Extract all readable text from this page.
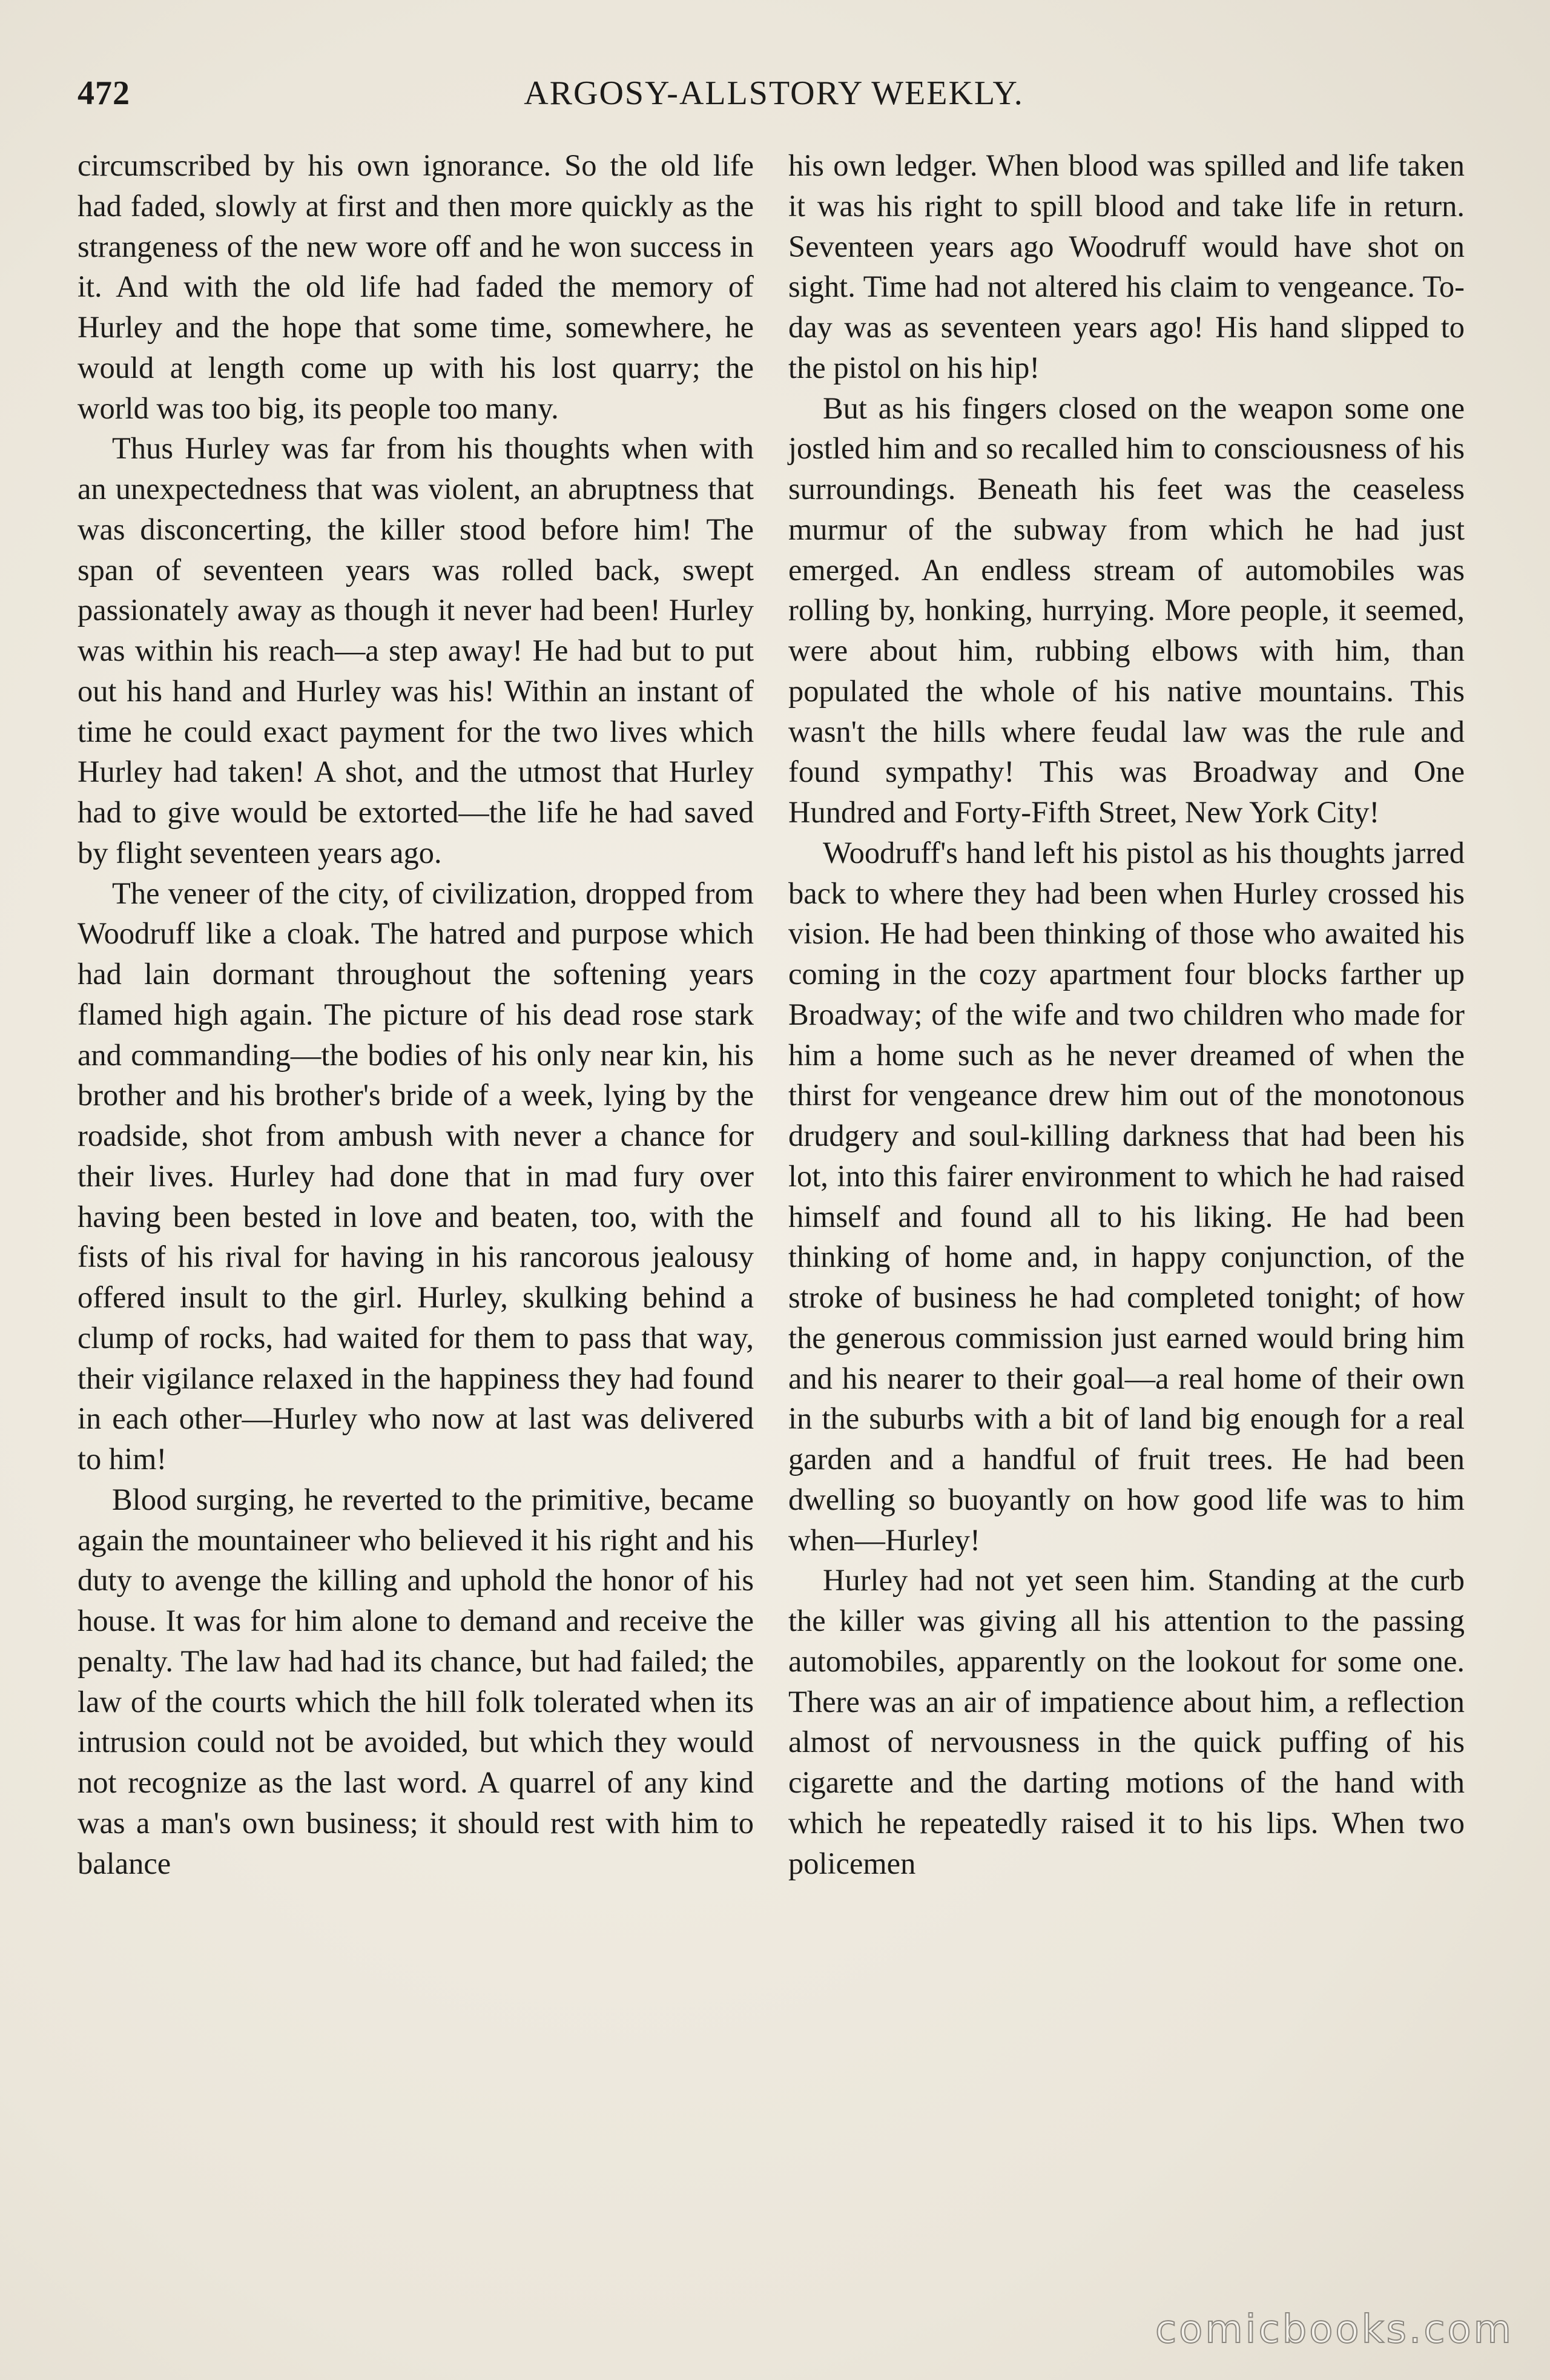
472	ARGOSY-ALLSTORY WEEKLY.

circumscribed by his own ignorance. So the old life had faded, slowly at first and then more quickly as the strangeness of the new wore off and he won success in it. And with the old life had faded the memory of Hurley and the hope that some time, somewhere, he would at length come up with his lost quarry; the world was too big, its people too many.

Thus Hurley was far from his thoughts when with an unexpectedness that was violent, an abruptness that was disconcerting, the killer stood before him! The span of seventeen years was rolled back, swept passionately away as though it never had been! Hurley was within his reach—a step away! He had but to put out his hand and Hurley was his! Within an instant of time he could exact payment for the two lives which Hurley had taken! A shot, and the utmost that Hurley had to give would be extorted—the life he had saved by flight seventeen years ago.

The veneer of the city, of civilization, dropped from Woodruff like a cloak. The hatred and purpose which had lain dormant throughout the softening years flamed high again. The picture of his dead rose stark and commanding—the bodies of his only near kin, his brother and his brother's bride of a week, lying by the roadside, shot from ambush with never a chance for their lives. Hurley had done that in mad fury over having been bested in love and beaten, too, with the fists of his rival for having in his rancorous jealousy offered insult to the girl. Hurley, skulking behind a clump of rocks, had waited for them to pass that way, their vigilance relaxed in the happiness they had found in each other—Hurley who now at last was delivered to him!

Blood surging, he reverted to the primitive, became again the mountaineer who believed it his right and his duty to avenge the killing and uphold the honor of his house. It was for him alone to demand and receive the penalty. The law had had its chance, but had failed; the law of the courts which the hill folk tolerated when its intrusion could not be avoided, but which they would not recognize as the last word. A quarrel of any kind was a man's own business; it should rest with him to balance

his own ledger. When blood was spilled and life taken it was his right to spill blood and take life in return. Seventeen years ago Woodruff would have shot on sight. Time had not altered his claim to vengeance. To-day was as seventeen years ago! His hand slipped to the pistol on his hip!

But as his fingers closed on the weapon some one jostled him and so recalled him to consciousness of his surroundings. Beneath his feet was the ceaseless murmur of the subway from which he had just emerged. An endless stream of automobiles was rolling by, honking, hurrying. More people, it seemed, were about him, rubbing elbows with him, than populated the whole of his native mountains. This wasn't the hills where feudal law was the rule and found sympathy! This was Broadway and One Hundred and Forty-Fifth Street, New York City!

Woodruff's hand left his pistol as his thoughts jarred back to where they had been when Hurley crossed his vision. He had been thinking of those who awaited his coming in the cozy apartment four blocks farther up Broadway; of the wife and two children who made for him a home such as he never dreamed of when the thirst for vengeance drew him out of the monotonous drudgery and soul-killing darkness that had been his lot, into this fairer environment to which he had raised himself and found all to his liking. He had been thinking of home and, in happy conjunction, of the stroke of business he had completed tonight; of how the generous commission just earned would bring him and his nearer to their goal—a real home of their own in the suburbs with a bit of land big enough for a real garden and a handful of fruit trees. He had been dwelling so buoyantly on how good life was to him when—Hurley!

Hurley had not yet seen him. Standing at the curb the killer was giving all his attention to the passing automobiles, apparently on the lookout for some one. There was an air of impatience about him, a reflection almost of nervousness in the quick puffing of his cigarette and the darting motions of the hand with which he repeatedly raised it to his lips. When two policemen

comicbooks.com
